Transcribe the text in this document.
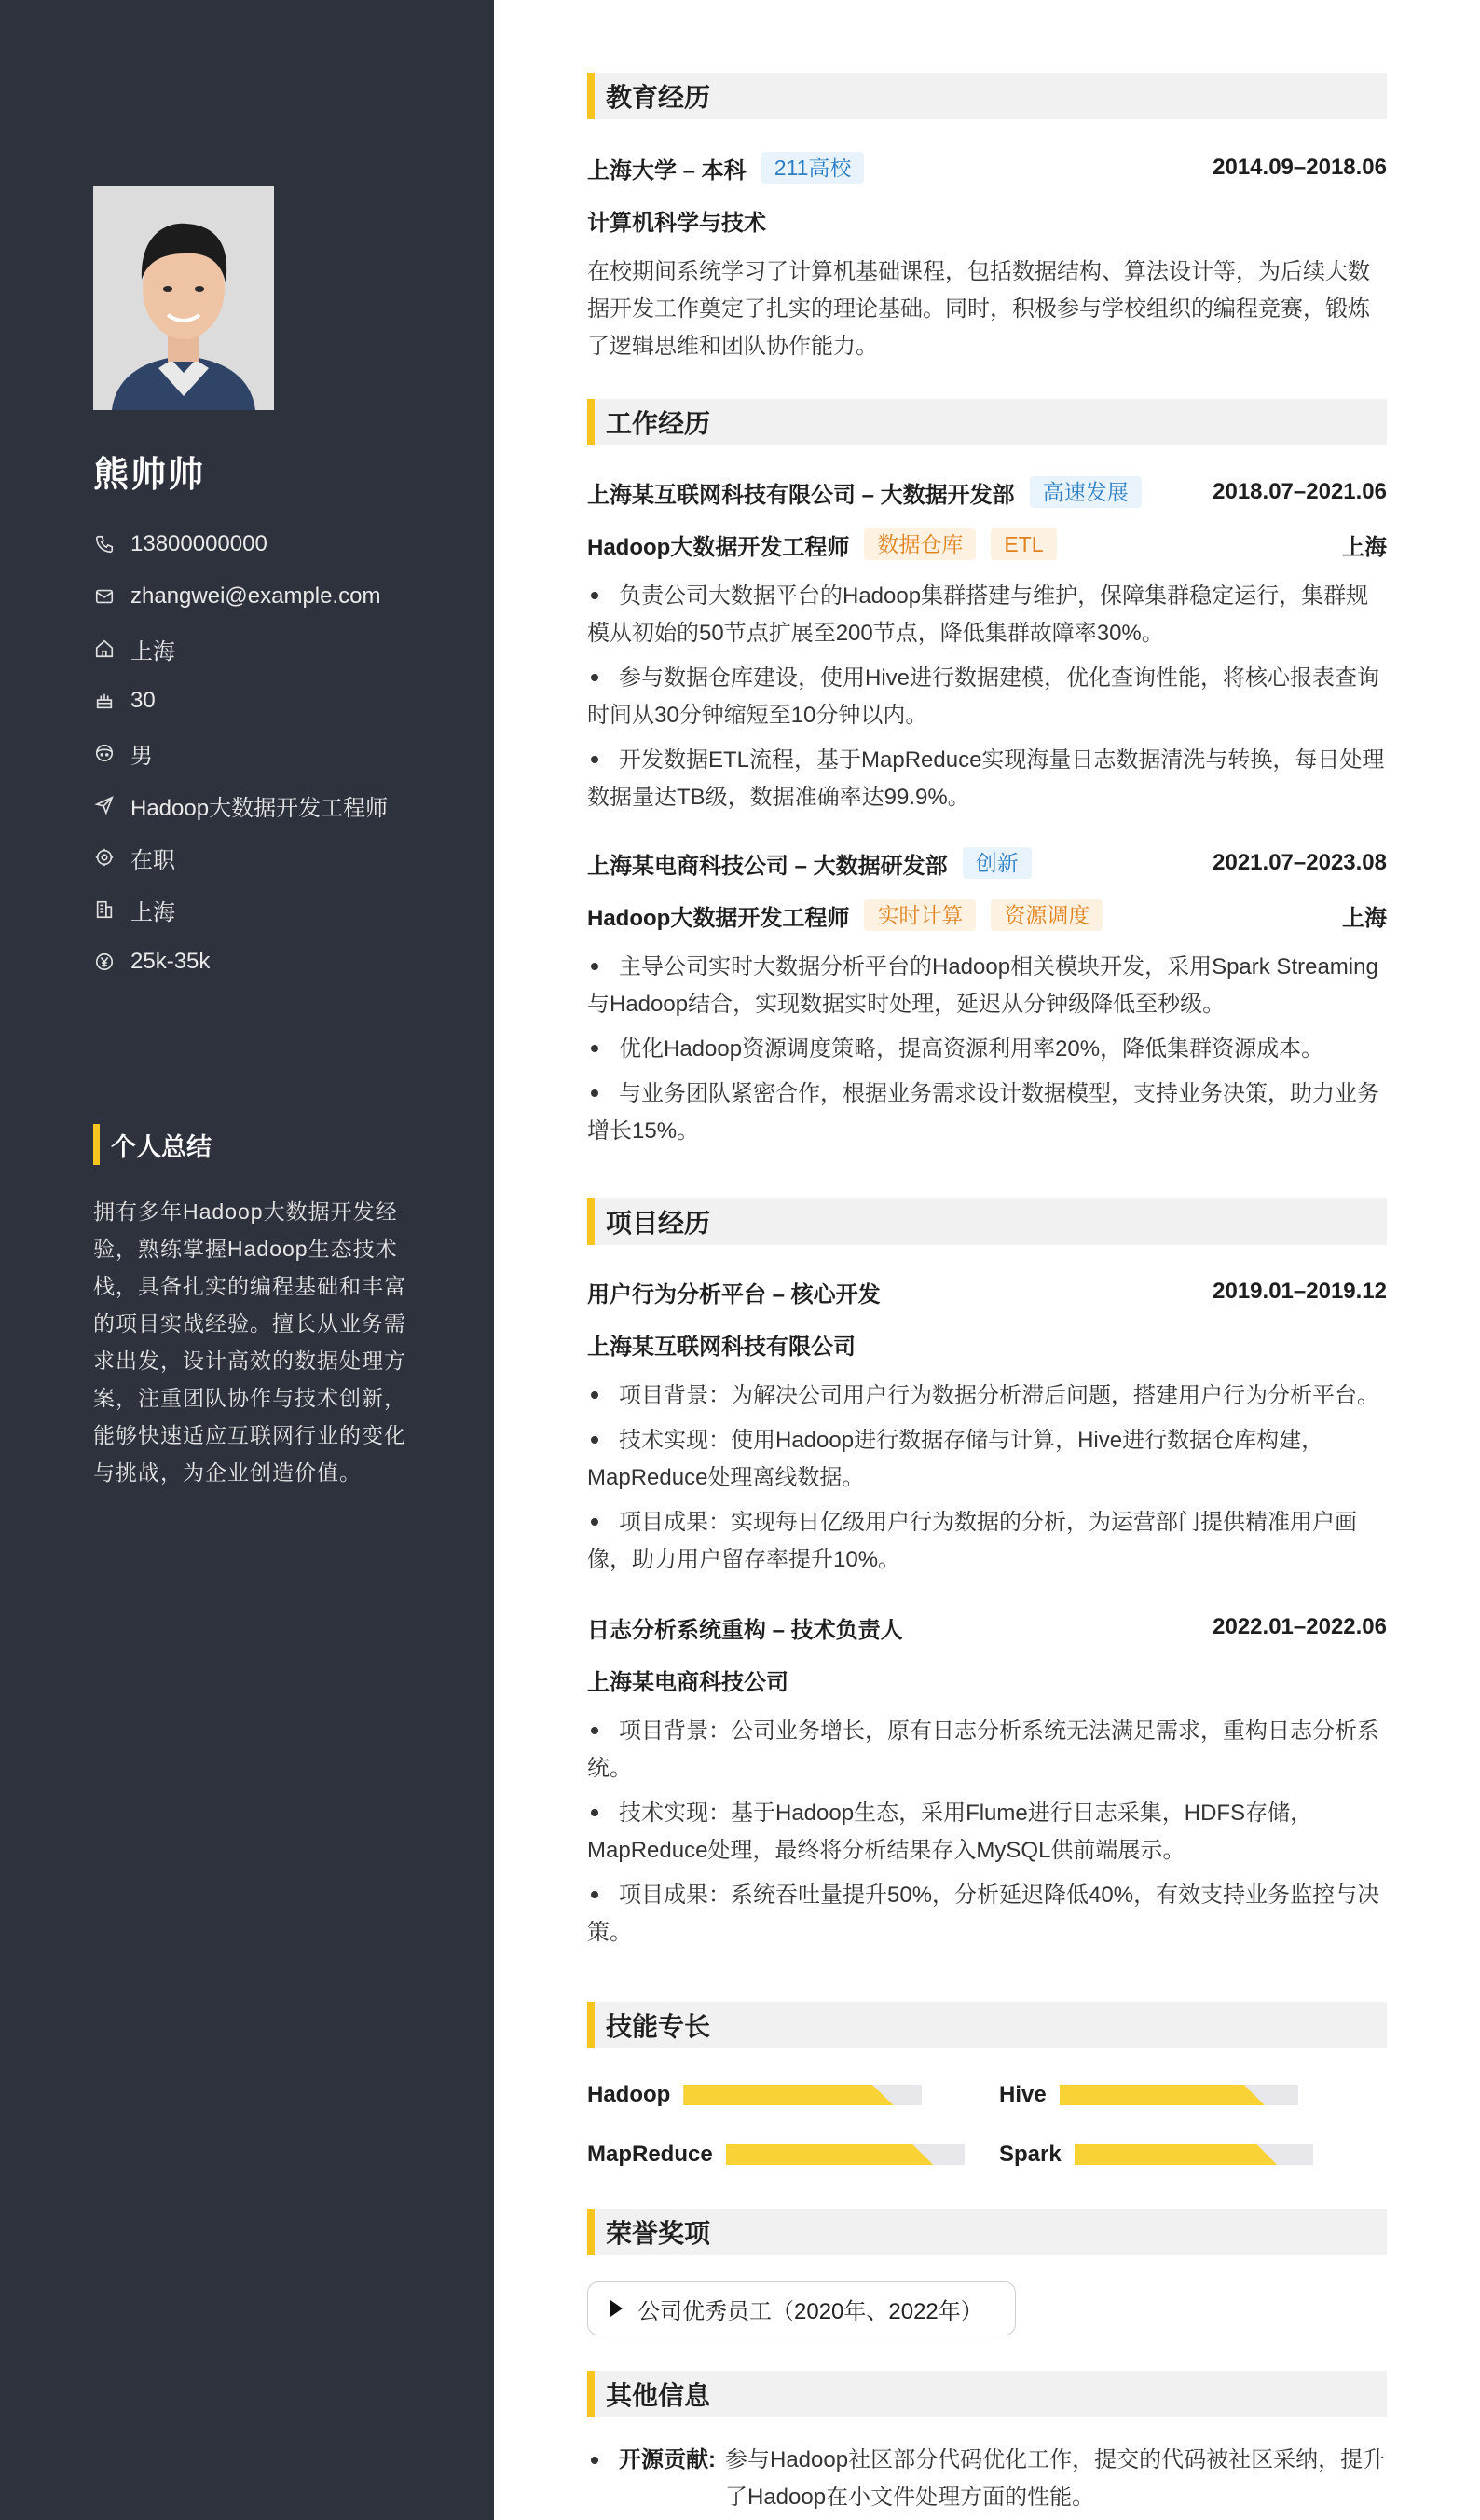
熊帅帅
13800000000
zhangwei@example.com
上海
30
男
Hadoop大数据开发工程师
在职
上海
25k-35k
个人总结

拥有多年Hadoop大数据开发经验，熟练掌握Hadoop生态技术栈，具备扎实的编程基础和丰富的项目实战经验。擅长从业务需求出发，设计高效的数据处理方案，注重团队协作与技术创新，能够快速适应互联网行业的变化与挑战，为企业创造价值。

教育经历
上海大学 – 本科	211高校	2014.09–2018.06
计算机科学与技术

在校期间系统学习了计算机基础课程，包括数据结构、算法设计等，为后续大数据开发工作奠定了扎实的理论基础。同时，积极参与学校组织的编程竞赛，锻炼了逻辑思维和团队协作能力。

工作经历
上海某互联网科技有限公司 – 大数据开发部	高速发展	2018.07–2021.06
Hadoop大数据开发工程师	数据仓库	ETL	上海
负责公司大数据平台的Hadoop集群搭建与维护，保障集群稳定运行，集群规模从初始的50节点扩展至200节点，降低集群故障率30%。
参与数据仓库建设，使用Hive进行数据建模，优化查询性能，将核心报表查询时间从30分钟缩短至10分钟以内。
开发数据ETL流程，基于MapReduce实现海量日志数据清洗与转换，每日处理数据量达TB级，数据准确率达99.9%。
上海某电商科技公司 – 大数据研发部	创新	2021.07–2023.08
Hadoop大数据开发工程师	实时计算	资源调度	上海
主导公司实时大数据分析平台的Hadoop相关模块开发，采用Spark Streaming与Hadoop结合，实现数据实时处理，延迟从分钟级降低至秒级。
优化Hadoop资源调度策略，提高资源利用率20%，降低集群资源成本。
与业务团队紧密合作，根据业务需求设计数据模型，支持业务决策，助力业务增长15%。
项目经历
用户行为分析平台 – 核心开发	2019.01–2019.12
上海某互联网科技有限公司
项目背景：为解决公司用户行为数据分析滞后问题，搭建用户行为分析平台。
技术实现：使用Hadoop进行数据存储与计算，Hive进行数据仓库构建，MapReduce处理离线数据。
项目成果：实现每日亿级用户行为数据的分析，为运营部门提供精准用户画像，助力用户留存率提升10%。
日志分析系统重构 – 技术负责人	2022.01–2022.06
上海某电商科技公司
项目背景：公司业务增长，原有日志分析系统无法满足需求，重构日志分析系统。
技术实现：基于Hadoop生态，采用Flume进行日志采集，HDFS存储，MapReduce处理，最终将分析结果存入MySQL供前端展示。
项目成果：系统吞吐量提升50%，分析延迟降低40%，有效支持业务监控与决策。
技能专长
Hadoop	Hive
MapReduce	Spark
荣誉奖项
公司优秀员工（2020年、2022年）
其他信息
开源贡献: 参与Hadoop社区部分代码优化工作，提交的代码被社区采纳，提升了Hadoop在小文件处理方面的性能。
